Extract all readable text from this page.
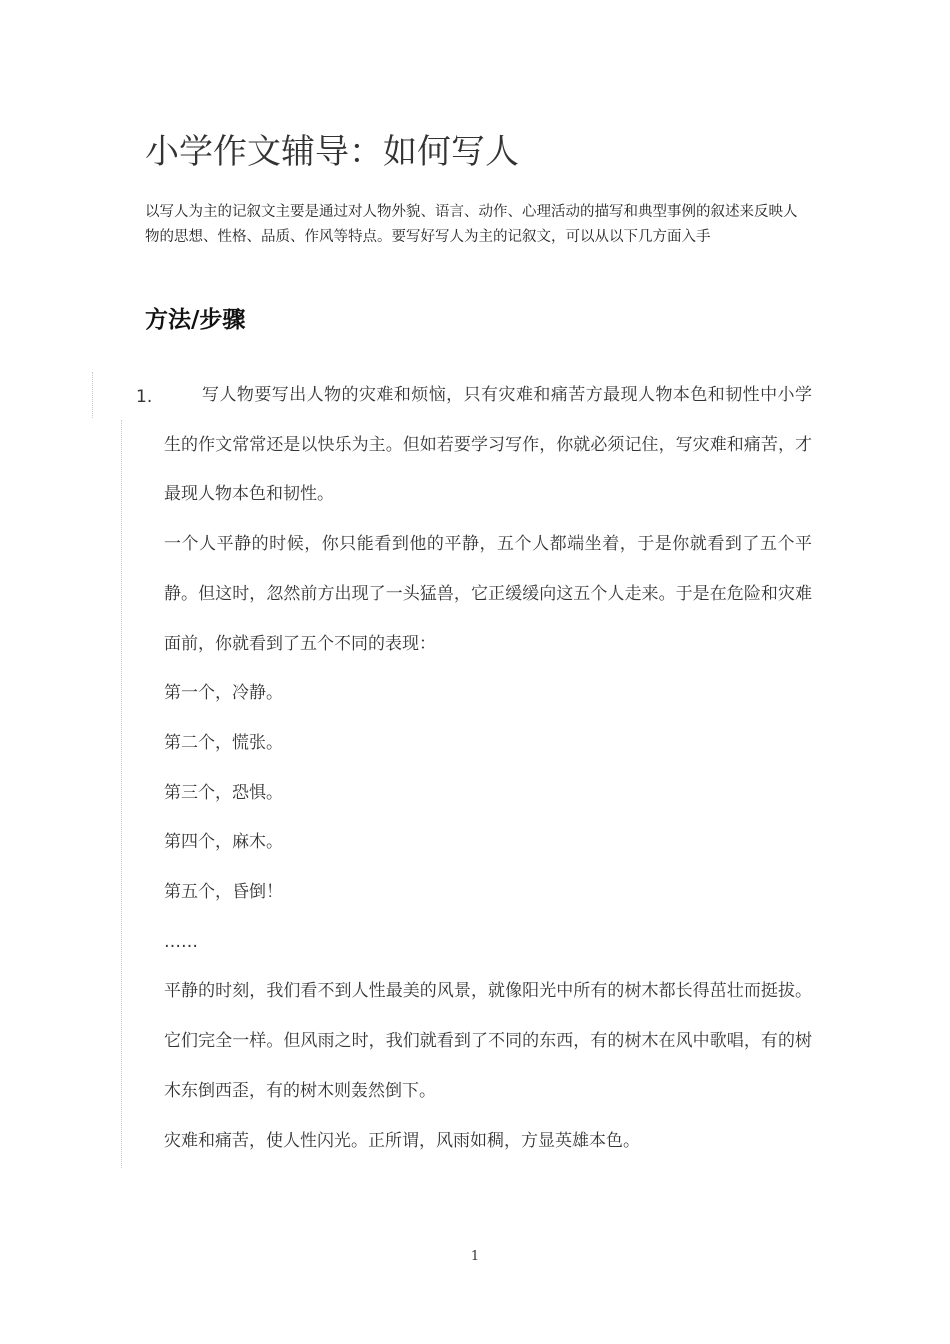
小学作文辅导：如何写人

以写人为主的记叙文主要是通过对人物外貌、语言、动作、心理活动的描写和典型事例的叙述来反映人物的思想、性格、品质、作风等特点。要写好写人为主的记叙文，可以从以下几方面入手

方法/步骤
1.	写人物要写出人物的灾难和烦恼，只有灾难和痛苦方最现人物本色和韧性中小学生的作文常常还是以快乐为主。但如若要学习写作，你就必须记住，写灾难和痛苦，才最现人物本色和韧性。

一个人平静的时候，你只能看到他的平静，五个人都端坐着，于是你就看到了五个平静。但这时，忽然前方出现了一头猛兽，它正缓缓向这五个人走来。于是在危险和灾难面前，你就看到了五个不同的表现：

第一个，冷静。

第二个，慌张。

第三个，恐惧。

第四个，麻木。

第五个，昏倒！

……

平静的时刻，我们看不到人性最美的风景，就像阳光中所有的树木都长得茁壮而挺拔。它们完全一样。但风雨之时，我们就看到了不同的东西，有的树木在风中歌唱，有的树木东倒西歪，有的树木则轰然倒下。

灾难和痛苦，使人性闪光。正所谓，风雨如稠，方显英雄本色。

1
